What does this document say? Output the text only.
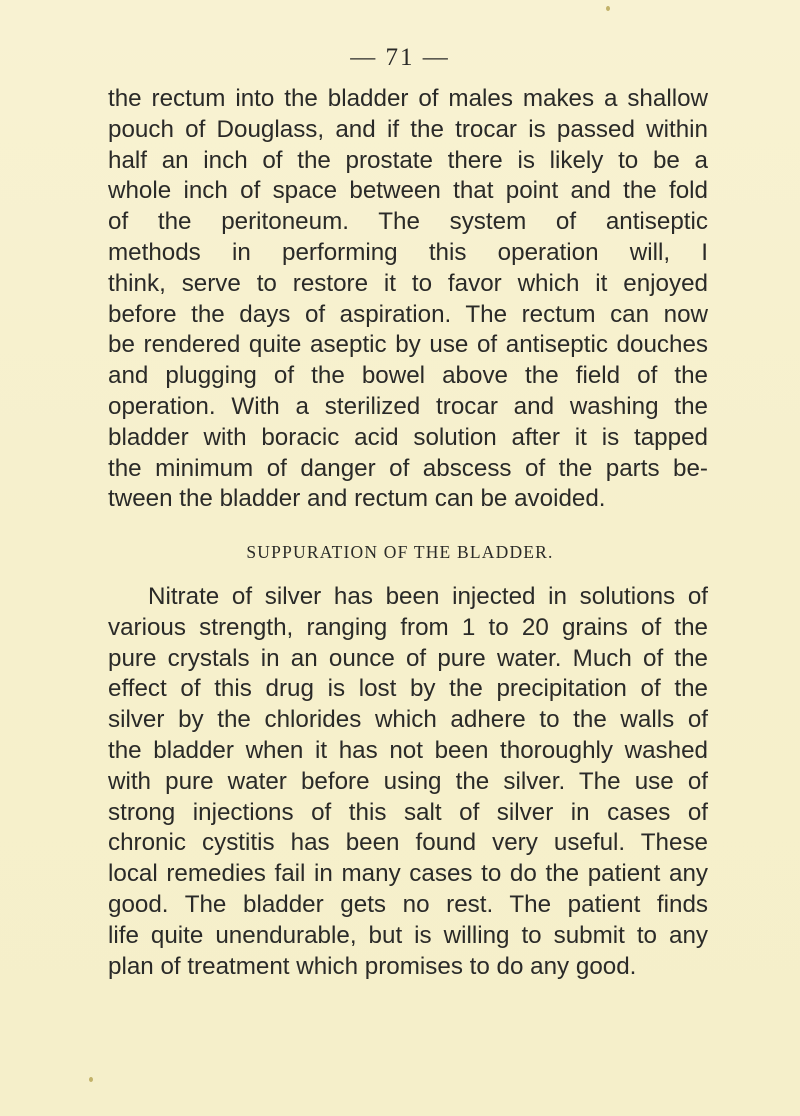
— 71 —
the rectum into the bladder of males makes a shallow
pouch of Douglass, and if the trocar is passed within
half an inch of the prostate there is likely to be a
whole inch of space between that point and the fold
of the peritoneum. The system of antiseptic
methods in performing this operation will, I
think, serve to restore it to favor which it enjoyed
before the days of aspiration. The rectum can now
be rendered quite aseptic by use of antiseptic douches
and plugging of the bowel above the field of the
operation. With a sterilized trocar and washing the
bladder with boracic acid solution after it is tapped
the minimum of danger of abscess of the parts be-
tween the bladder and rectum can be avoided.
SUPPURATION OF THE BLADDER.
Nitrate of silver has been injected in solutions of
various strength, ranging from 1 to 20 grains of the
pure crystals in an ounce of pure water. Much of the
effect of this drug is lost by the precipitation of the
silver by the chlorides which adhere to the walls of
the bladder when it has not been thoroughly washed
with pure water before using the silver. The use of
strong injections of this salt of silver in cases of
chronic cystitis has been found very useful. These
local remedies fail in many cases to do the patient any
good. The bladder gets no rest. The patient finds
life quite unendurable, but is willing to submit to any
plan of treatment which promises to do any good.
